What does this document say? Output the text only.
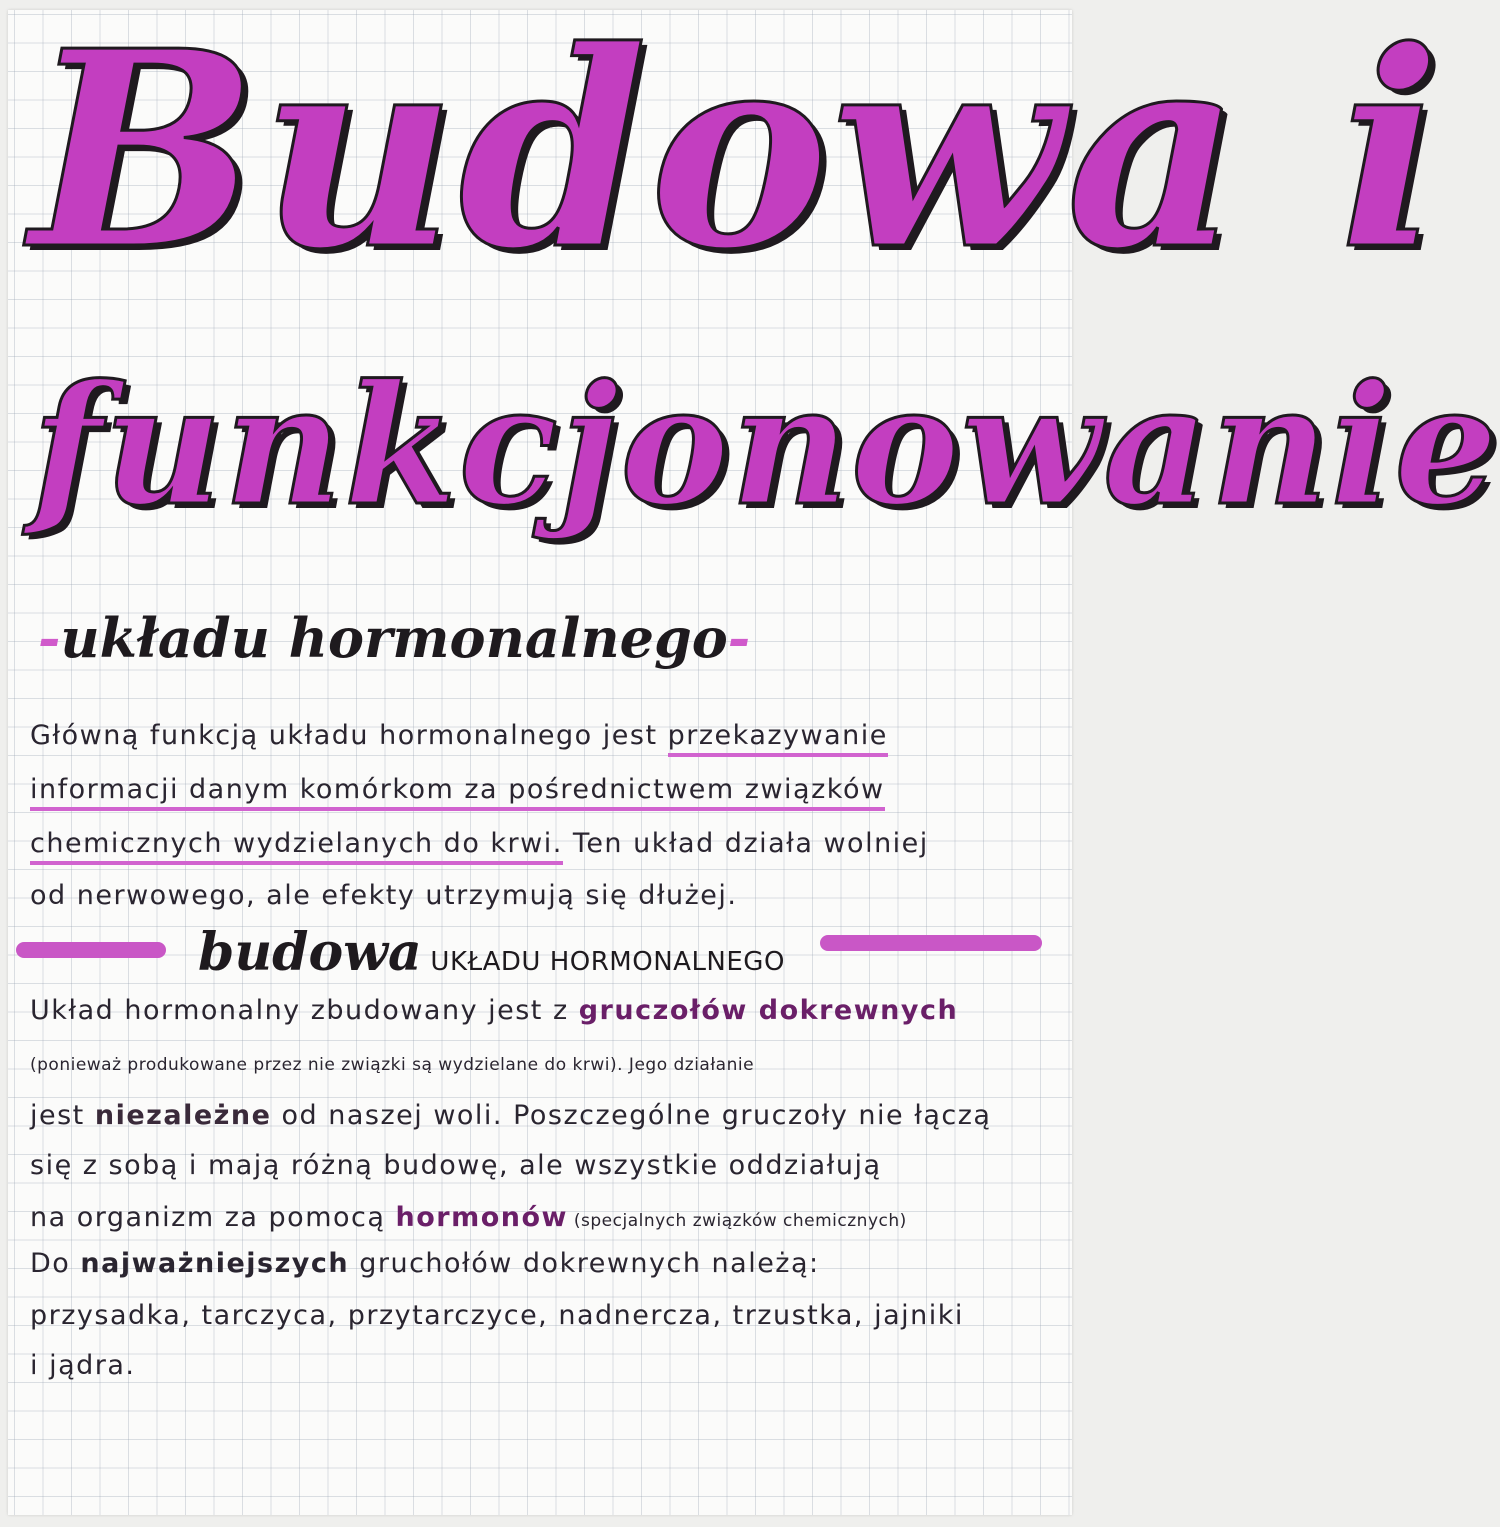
Budowa i
funkcjonowanie
-układu hormonalnego-
Główną funkcją układu hormonalnego jest przekazywanie
informacji danym komórkom za pośrednictwem związków
chemicznych wydzielanych do krwi. Ten układ działa wolniej
od nerwowego, ale efekty utrzymują się dłużej.
budowa UKŁADU HORMONALNEGO
Układ hormonalny zbudowany jest z gruczołów dokrewnych
(ponieważ produkowane przez nie związki są wydzielane do krwi). Jego działanie
jest niezależne od naszej woli. Poszczególne gruczoły nie łączą
się z sobą i mają różną budowę, ale wszystkie oddziałują
na organizm za pomocą hormonów (specjalnych związków chemicznych)
Do najważniejszych gruchołów dokrewnych należą:
przysadka, tarczyca, przytarczyce, nadnercza, trzustka, jajniki
i jądra.
